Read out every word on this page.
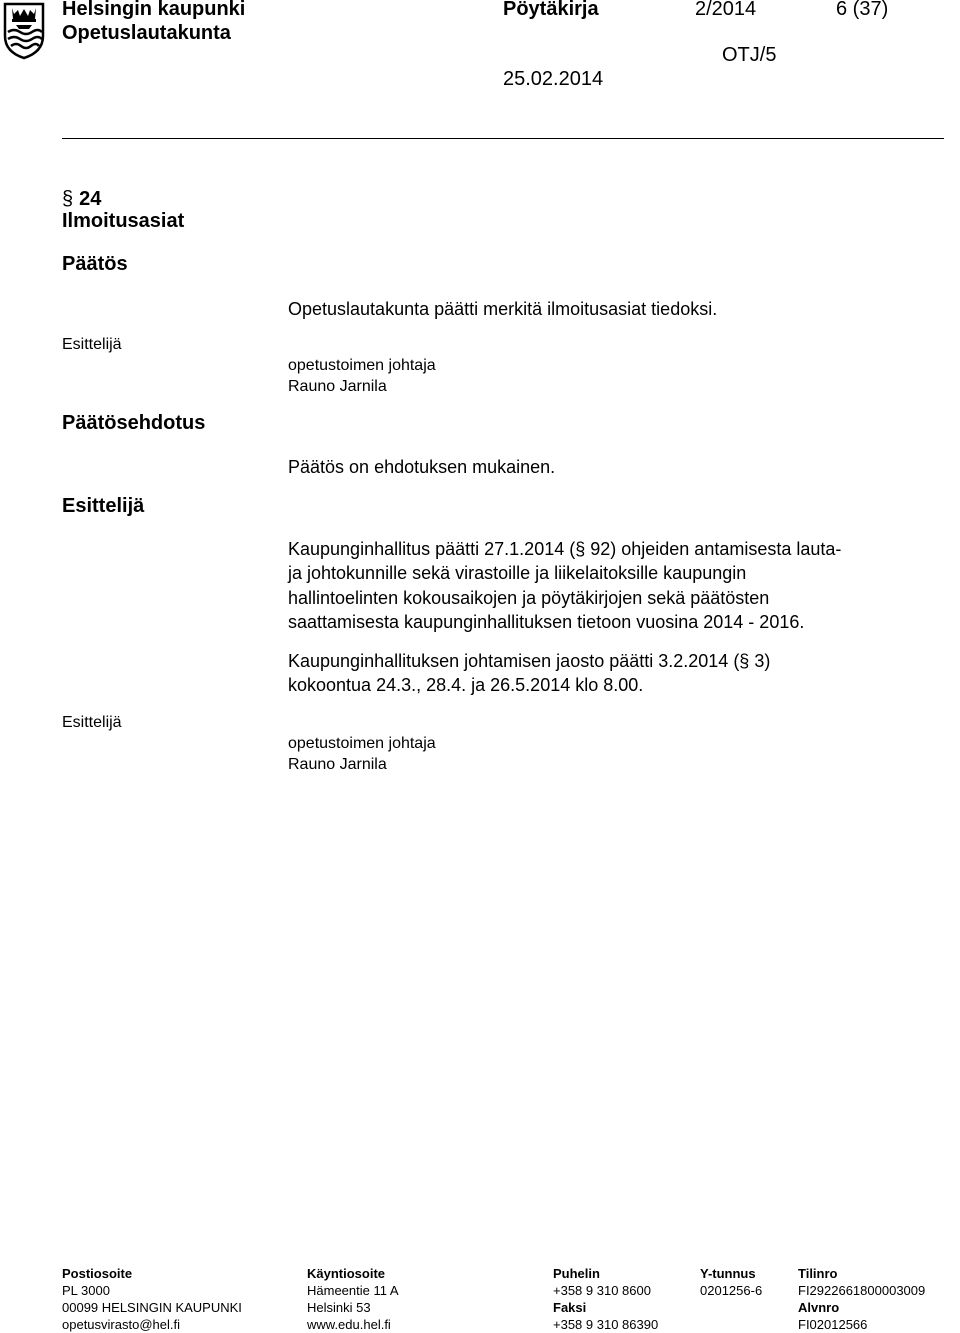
Helsingin kaupunki
Opetuslautakunta
Pöytäkirja	2/2014	6 (37)
OTJ/5
25.02.2014
§ 24
Ilmoitusasiat
Päätös
Opetuslautakunta päätti merkitä ilmoitusasiat tiedoksi.
Esittelijä
opetustoimen johtaja
Rauno Jarnila
Päätösehdotus
Päätös on ehdotuksen mukainen.
Esittelijä
Kaupunginhallitus päätti 27.1.2014 (§ 92) ohjeiden antamisesta lauta-
ja johtokunnille sekä virastoille ja liikelaitoksille kaupungin
hallintoelinten kokousaikojen ja pöytäkirjojen sekä päätösten
saattamisesta kaupunginhallituksen tietoon vuosina 2014 - 2016.
Kaupunginhallituksen johtamisen jaosto päätti 3.2.2014 (§ 3)
kokoontua 24.3., 28.4. ja 26.5.2014 klo 8.00.
Esittelijä
opetustoimen johtaja
Rauno Jarnila
Postiosoite
PL 3000
00099 HELSINGIN KAUPUNKI
opetusvirasto@hel.fi
Käyntiosoite
Hämeentie 11 A
Helsinki 53
www.edu.hel.fi
Puhelin
+358 9 310 8600
Faksi
+358 9 310 86390
Y-tunnus
0201256-6
Tilinro
FI2922661800003009
Alvnro
FI02012566
